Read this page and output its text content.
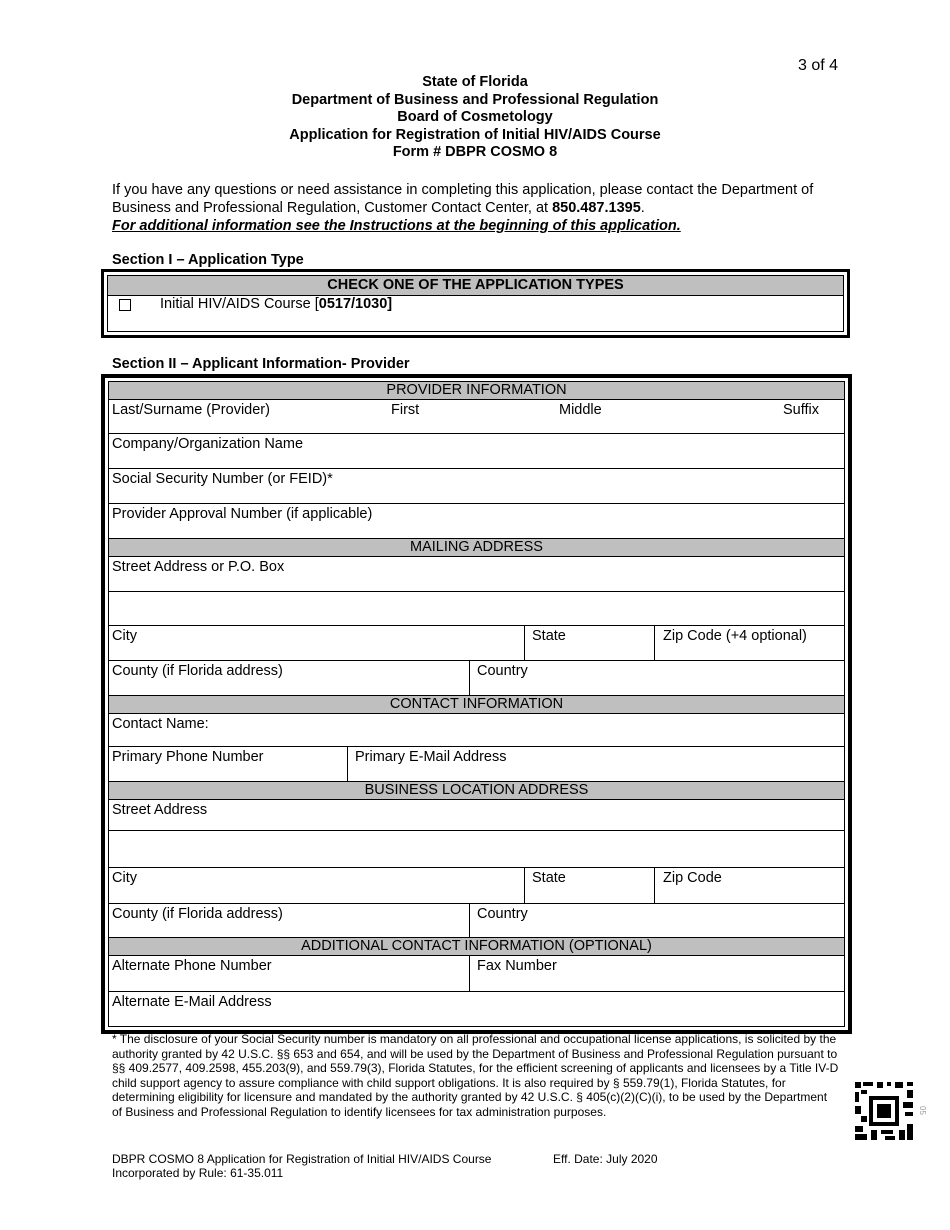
3 of 4
State of Florida
Department of Business and Professional Regulation
Board of Cosmetology
Application for Registration of Initial HIV/AIDS Course
Form # DBPR COSMO 8
If you have any questions or need assistance in completing this application, please contact the Department of Business and Professional Regulation, Customer Contact Center, at 850.487.1395.
For additional information see the Instructions at the beginning of this application.
Section I – Application Type
CHECK ONE OF THE APPLICATION TYPES
Initial HIV/AIDS Course [0517/1030]
Section II – Applicant Information- Provider
PROVIDER INFORMATION
Last/Surname (Provider)	First	Middle	Suffix
Company/Organization Name
Social Security Number (or FEID)*
Provider Approval Number (if applicable)
MAILING ADDRESS
Street Address or P.O. Box
City	State	Zip Code (+4 optional)
County (if Florida address)	Country
CONTACT INFORMATION
Contact Name:
Primary Phone Number	Primary E-Mail Address
BUSINESS LOCATION ADDRESS
Street Address
City	State	Zip Code
County (if Florida address)	Country
ADDITIONAL CONTACT INFORMATION (OPTIONAL)
Alternate Phone Number	Fax Number
Alternate E-Mail Address
* The disclosure of your Social Security number is mandatory on all professional and occupational license applications, is solicited by the authority granted by 42 U.S.C. §§ 653 and 654, and will be used by the Department of Business and Professional Regulation pursuant to §§ 409.2577, 409.2598, 455.203(9), and 559.79(3), Florida Statutes, for the efficient screening of applicants and licensees by a Title IV-D child support agency to assure compliance with child support obligations. It is also required by § 559.79(1), Florida Statutes, for determining eligibility for licensure and mandated by the authority granted by 42 U.S.C. § 405(c)(2)(C)(i), to be used by the Department of Business and Professional Regulation to identify licensees for tax administration purposes.
DBPR COSMO 8 Application for Registration of Initial HIV/AIDS Course
Incorporated by Rule: 61-35.011
Eff. Date: July 2020
05
